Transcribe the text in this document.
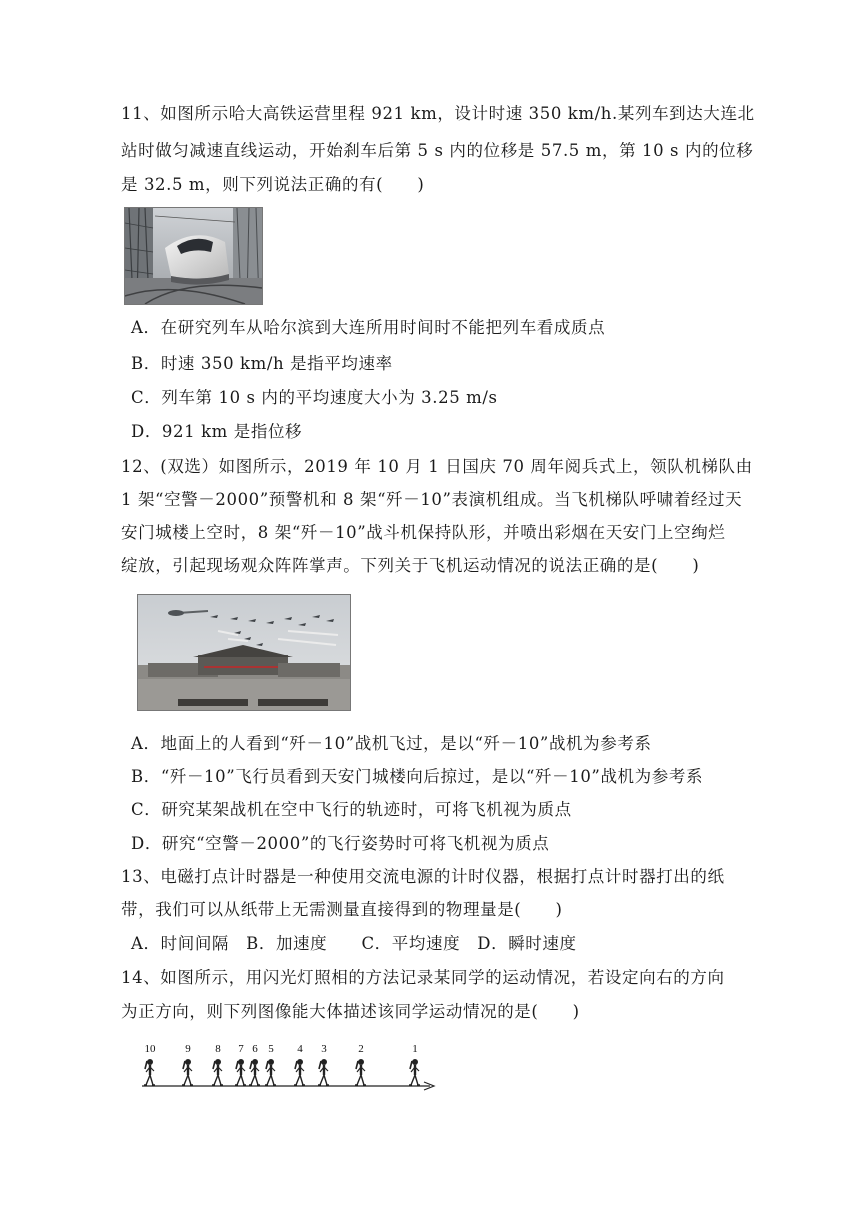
11、如图所示哈大高铁运营里程 921 km，设计时速 350 km/h.某列车到达大连北
站时做匀减速直线运动，开始刹车后第 5 s 内的位移是 57.5 m，第 10 s 内的位移
是 32.5 m，则下列说法正确的有(　　)
A．在研究列车从哈尔滨到大连所用时间时不能把列车看成质点
B．时速 350 km/h 是指平均速率
C．列车第 10 s 内的平均速度大小为 3.25 m/s
D．921 km 是指位移
12、(双选）如图所示，2019 年 10 月 1 日国庆 70 周年阅兵式上，领队机梯队由
1 架“空警－2000”预警机和 8 架“歼－10”表演机组成。当飞机梯队呼啸着经过天
安门城楼上空时，8 架“歼－10”战斗机保持队形，并喷出彩烟在天安门上空绚烂
绽放，引起现场观众阵阵掌声。下列关于飞机运动情况的说法正确的是(　　)
A．地面上的人看到“歼－10”战机飞过，是以“歼－10”战机为参考系
B．“歼－10”飞行员看到天安门城楼向后掠过，是以“歼－10”战机为参考系
C．研究某架战机在空中飞行的轨迹时，可将飞机视为质点
D．研究“空警－2000”的飞行姿势时可将飞机视为质点
13、电磁打点计时器是一种使用交流电源的计时仪器，根据打点计时器打出的纸
带，我们可以从纸带上无需测量直接得到的物理量是(　　)
A．时间间隔　B．加速度　　C．平均速度　D．瞬时速度
14、如图所示，用闪光灯照相的方法记录某同学的运动情况，若设定向右的方向
为正方向，则下列图像能大体描述该同学运动情况的是(　　)
10	9 8 7 6 5 4 3	2	1
